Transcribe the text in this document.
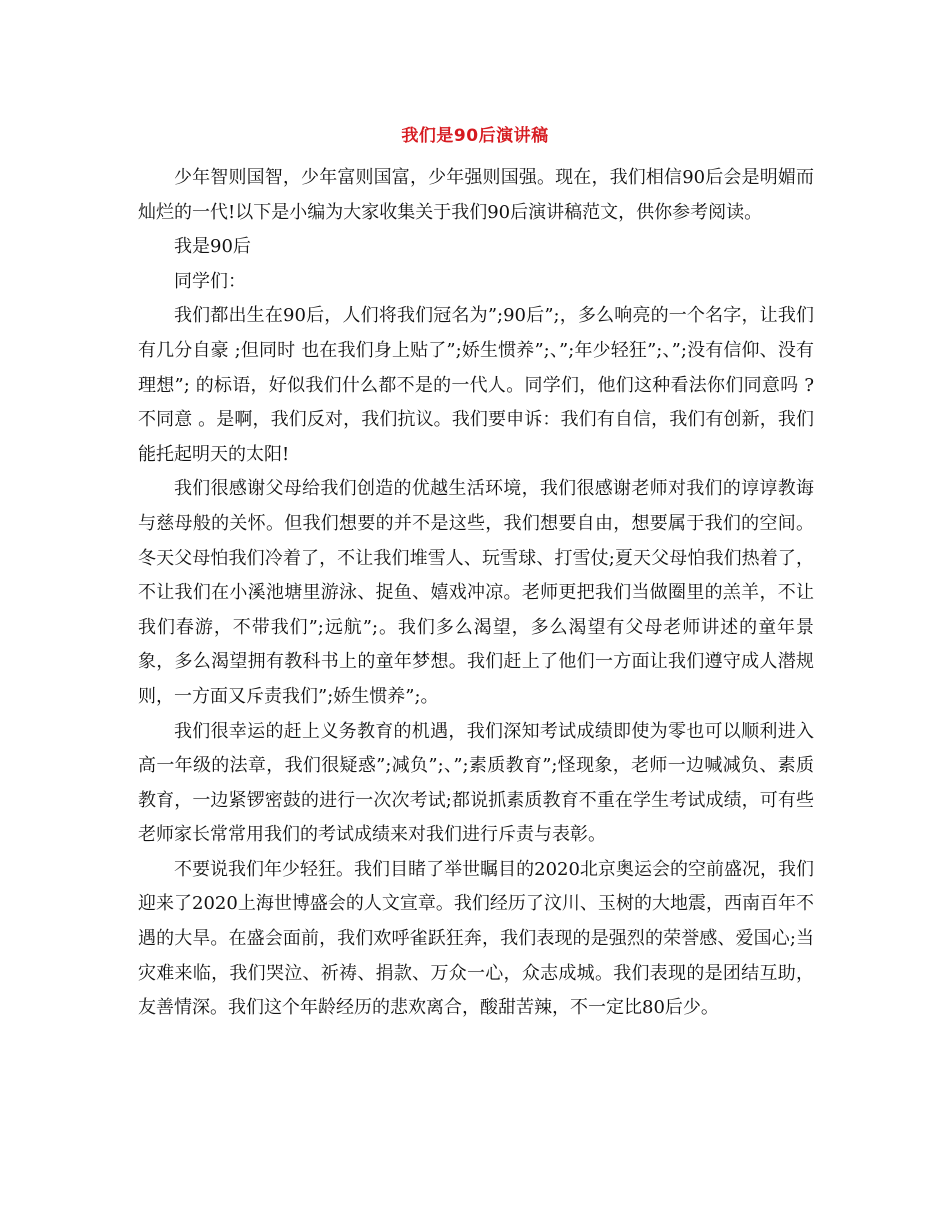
我们是90后演讲稿

少年智则国智，少年富则国富，少年强则国强。现在，我们相信90后会是明媚而灿烂的一代!以下是小编为大家收集关于我们90后演讲稿范文，供你参考阅读。

我是90后

同学们：

我们都出生在90后，人们将我们冠名为”;90后”;，多么响亮的一个名字，让我们有几分自豪 ;但同时 也在我们身上贴了”;娇生惯养”;、”;年少轻狂”;、”;没有信仰、没有理想”; 的标语，好似我们什么都不是的一代人。同学们，他们这种看法你们同意吗 ?不同意 。是啊，我们反对，我们抗议。我们要申诉：我们有自信，我们有创新，我们能托起明天的太阳!

我们很感谢父母给我们创造的优越生活环境，我们很感谢老师对我们的谆谆教诲与慈母般的关怀。但我们想要的并不是这些，我们想要自由，想要属于我们的空间。冬天父母怕我们冷着了，不让我们堆雪人、玩雪球、打雪仗;夏天父母怕我们热着了，不让我们在小溪池塘里游泳、捉鱼、嬉戏冲凉。老师更把我们当做圈里的羔羊，不让我们春游，不带我们”;远航”;。我们多么渴望，多么渴望有父母老师讲述的童年景象，多么渴望拥有教科书上的童年梦想。我们赶上了他们一方面让我们遵守成人潜规则，一方面又斥责我们”;娇生惯养”;。

我们很幸运的赶上义务教育的机遇，我们深知考试成绩即使为零也可以顺利进入高一年级的法章，我们很疑惑”;减负”;、”;素质教育”;怪现象，老师一边喊减负、素质教育，一边紧锣密鼓的进行一次次考试;都说抓素质教育不重在学生考试成绩，可有些老师家长常常用我们的考试成绩来对我们进行斥责与表彰。

不要说我们年少轻狂。我们目睹了举世瞩目的2020北京奥运会的空前盛况，我们迎来了2020上海世博盛会的人文宣章。我们经历了汶川、玉树的大地震，西南百年不遇的大旱。在盛会面前，我们欢呼雀跃狂奔，我们表现的是强烈的荣誉感、爱国心;当灾难来临，我们哭泣、祈祷、捐款、万众一心，众志成城。我们表现的是团结互助，友善情深。我们这个年龄经历的悲欢离合，酸甜苦辣，不一定比80后少。
